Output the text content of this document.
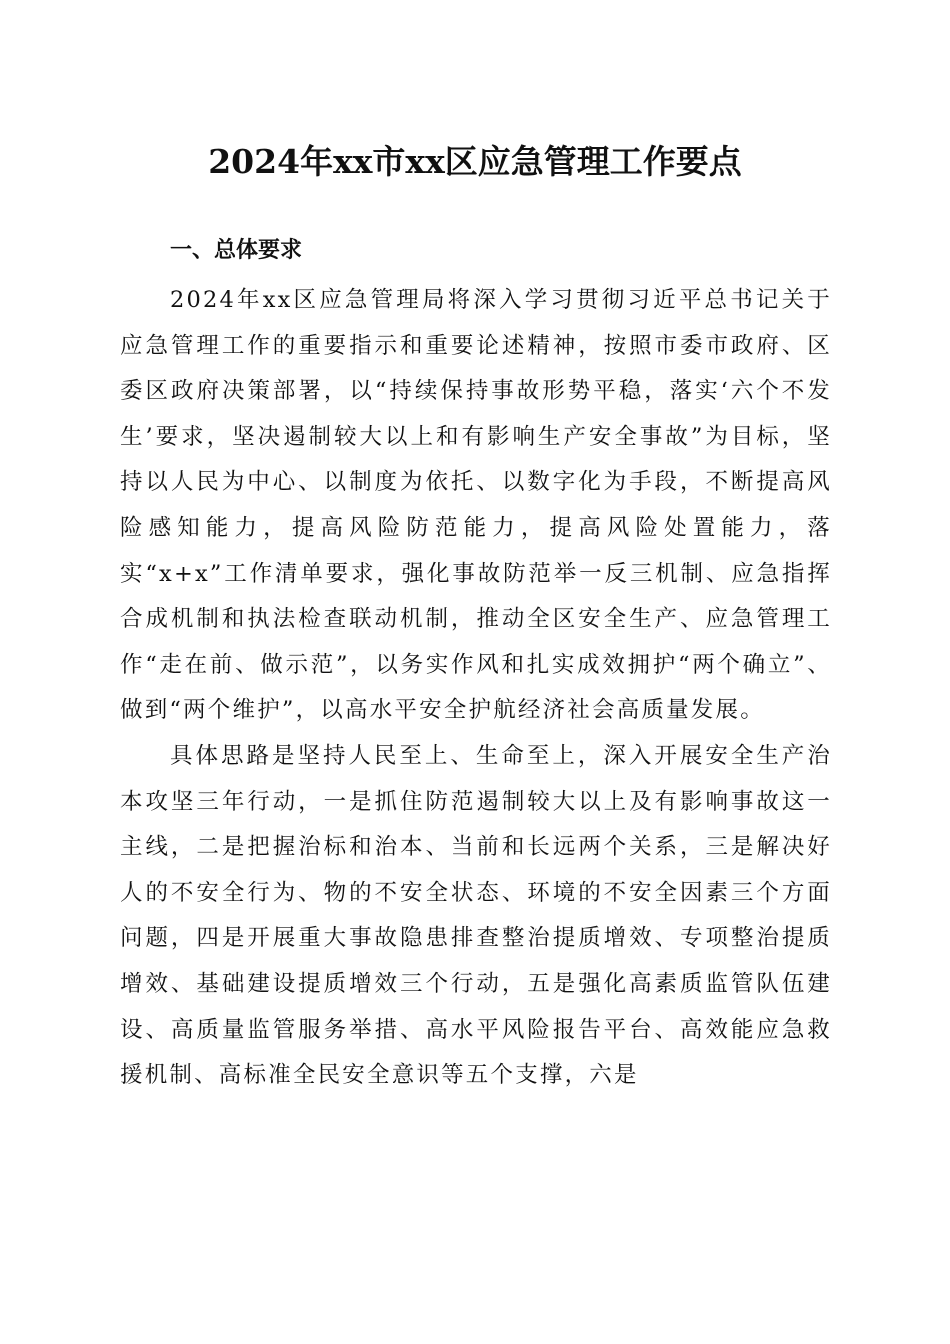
2024年xx市xx区应急管理工作要点
一、总体要求

2024年xx区应急管理局将深入学习贯彻习近平总书记关于应急管理工作的重要指示和重要论述精神，按照市委市政府、区委区政府决策部署，以“持续保持事故形势平稳，落实‘六个不发生’要求，坚决遏制较大以上和有影响生产安全事故”为目标，坚持以人民为中心、以制度为依托、以数字化为手段，不断提高风险感知能力，提高风险防范能力，提高风险处置能力，落实“x+x”工作清单要求，强化事故防范举一反三机制、应急指挥合成机制和执法检查联动机制，推动全区安全生产、应急管理工作“走在前、做示范”，以务实作风和扎实成效拥护“两个确立”、做到“两个维护”，以高水平安全护航经济社会高质量发展。

具体思路是坚持人民至上、生命至上，深入开展安全生产治本攻坚三年行动，一是抓住防范遏制较大以上及有影响事故这一主线，二是把握治标和治本、当前和长远两个关系，三是解决好人的不安全行为、物的不安全状态、环境的不安全因素三个方面问题，四是开展重大事故隐患排查整治提质增效、专项整治提质增效、基础建设提质增效三个行动，五是强化高素质监管队伍建设、高质量监管服务举措、高水平风险报告平台、高效能应急救援机制、高标准全民安全意识等五个支撑，六是
